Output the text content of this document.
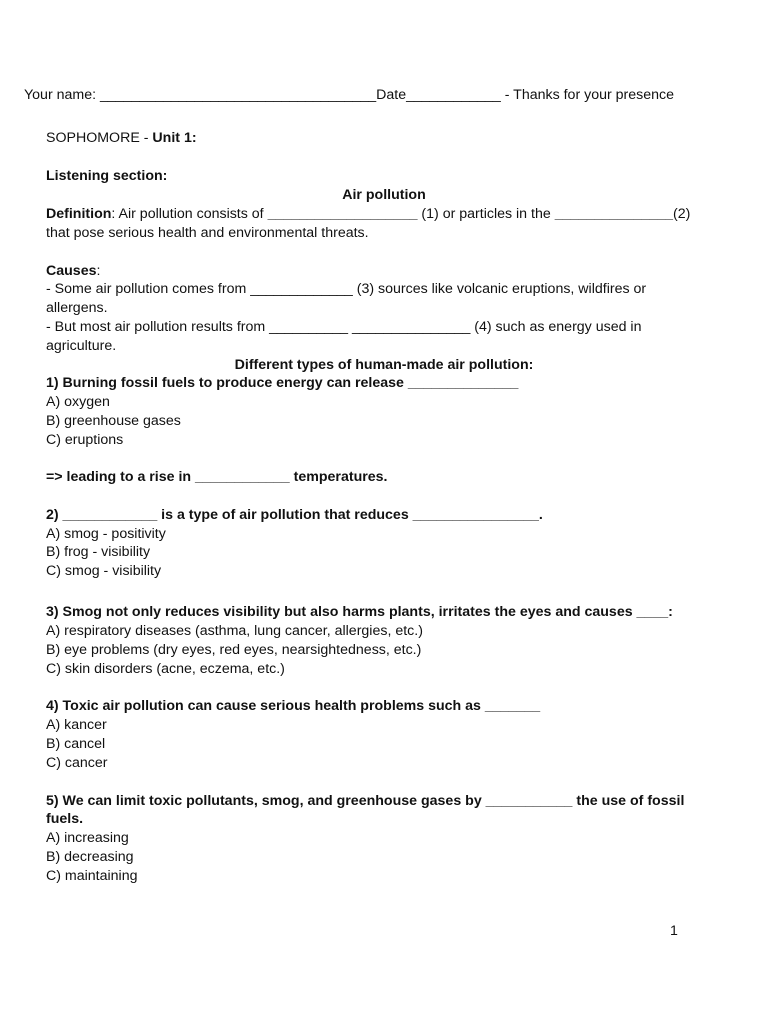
Your name: ___________________________________Date____________ - Thanks for your presence
SOPHOMORE - Unit 1:
Listening section:
Air pollution
Definition: Air pollution consists of ___________________ (1) or particles in the _______________(2)
that pose serious health and environmental threats.
Causes:
- Some air pollution comes from _____________ (3) sources like volcanic eruptions, wildfires or
allergens.
- But most air pollution results from __________ _______________ (4) such as energy used in
agriculture.
Different types of human-made air pollution:
1) Burning fossil fuels to produce energy can release ______________
A) oxygen
B) greenhouse gases
C) eruptions
=> leading to a rise in ____________ temperatures.
2) ____________ is a type of air pollution that reduces ________________.
A) smog - positivity
B) frog - visibility
C) smog - visibility
3) Smog not only reduces visibility but also harms plants, irritates the eyes and causes ____:
A) respiratory diseases (asthma, lung cancer, allergies, etc.)
B) eye problems (dry eyes, red eyes, nearsightedness, etc.)
C) skin disorders (acne, eczema, etc.)
4) Toxic air pollution can cause serious health problems such as _______
A) kancer
B) cancel
C) cancer
5) We can limit toxic pollutants, smog, and greenhouse gases by ___________ the use of fossil
fuels.
A) increasing
B) decreasing
C) maintaining
1
